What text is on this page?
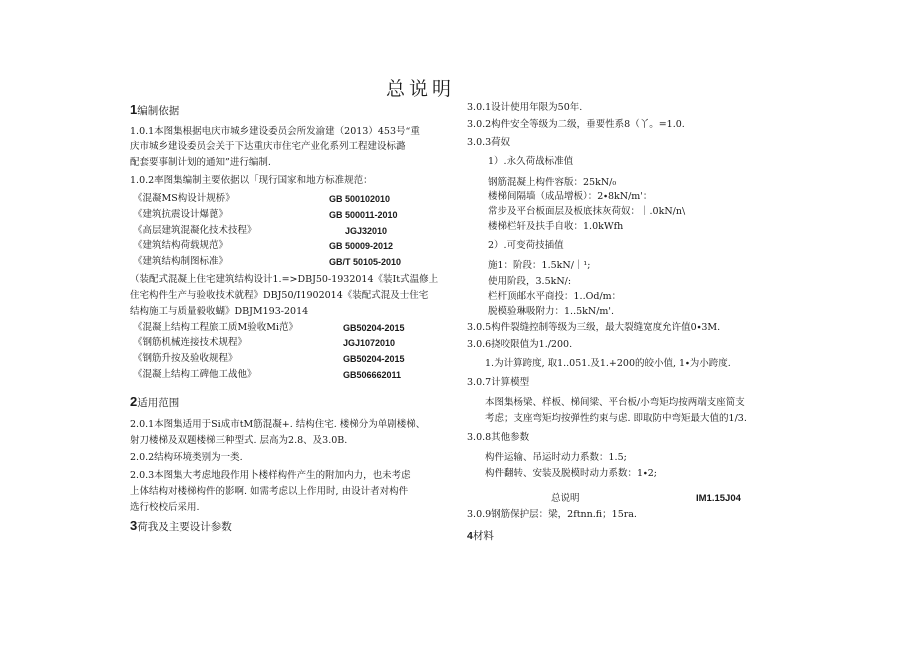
总说明
1编制依据
1.0.1本图集根据电庆市城乡建设委员会所发渝建（2013）453号“重
庆市城乡建设委员会关于下达重庆市住宅产业化系列工程建设标潞
配套要事制计划的通知”进行编制.
1.0.2率图集编制主要依据以「现行国家和地方标准规范：
《混凝MS构设计规桥》	GB 500102010
《建筑抗震设计爆蓖》	GB 500011-2010
《高层建筑混凝化技术技程》	JGJ32010
《建筑结构荷载规范》	GB 50009-2012
《建筑结构制图标准》	GB/T 50105-2010
（装配式混凝上住宅建筑结构设计1.=>DBJ50-1932014《装It式温修上
住宅构件生产与验收技术就程》DBJ50/I1902014《装配式混及士住宅
结构施工与质量毅收蝴》DBJM193-2014
《混凝上结构工程旅工质M验收Mi范》	GB50204-2015
《钢筋机械连接技术规程》	JGJ1072010
《钢筋升按及验收规程》	GB50204-2015
《混凝上结构工碑他工战他》	GB506662011
2适用范围
2.0.1本图集适用于Si成市tM筋混凝+. 结构住宅. 楼梯分为单剧楼梯、
射刀楼梯及双题楼梯三种型式. 层高为2.8、及3.0B.
2.0.2结构环境类别为一类.
2.0.3本图集大考虑地段作用卜楼样构件产生的附加内力，也未考虑
上体结构对楼梯构件的影啊. 如需考虑以上作用时, 由设计者对构件
选行校校后采用.
3荷我及主要设计参数
3.0.1设计使用年限为50年.
3.0.2构件安全等级为二级，垂要性系8（丫。=1.0.
3.0.3荷奴
1）.永久荷战标准值
钢筋混凝上构件容版：25kN∕₀
楼梯间隔墙（成品增板）：2∙8kN∕m'：
常步及平台板面层及板底抹灰荷奴：｜.0kN∕n\
楼梯栏轩及扶手自收：1.0kWfh
2）.可变荷技插值
施1：阶段：1.5kN∕｜¹;
使用阶段，3.5kN∕:
栏杆顶邮水平商投：1..Od/m：
脱模验琳吸附力：1..5kN/m'.
3.0.5构件裂缝控制等级为三级，最大裂缝宽度允许值0∙3M.
3.0.6挠咬限值为1./200.
1.为计算跨度, 取1..051.及1.+200的皎小值, 1∙为小跨度.
3.0.7计算模型
本图集杨梁、样板、梯间梁、平台板/小弯矩均按两端支座简支
考虑；支座弯矩均按弹性约束与虑. 即取防中弯矩最大值的1/3.
3.0.8其他参数
构件运输、吊运时动力系数：1.5;
构件翻转、安装及脱模时动力系数：1∙2;
总说明	IM1.15J04
3.0.9钢筋保护层：梁，2ftnn.fi；15ra.
4材料
